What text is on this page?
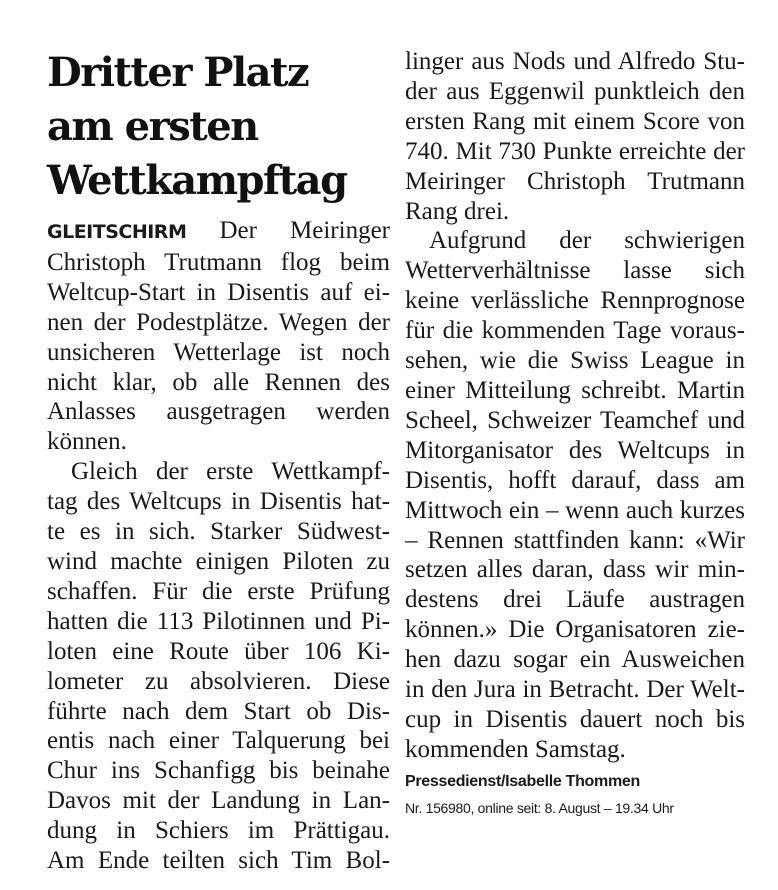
Dritter Platz
am ersten
Wettkampftag
GLEITSCHIRM Der Meiringer
Christoph Trutmann flog beim
Weltcup-Start in Disentis auf ei-
nen der Podestplätze. Wegen der
unsicheren Wetterlage ist noch
nicht klar, ob alle Rennen des
Anlasses ausgetragen werden
können.
Gleich der erste Wettkampf-
tag des Weltcups in Disentis hat-
te es in sich. Starker Südwest-
wind machte einigen Piloten zu
schaffen. Für die erste Prüfung
hatten die 113 Pilotinnen und Pi-
loten eine Route über 106 Ki-
lometer zu absolvieren. Diese
führte nach dem Start ob Dis-
entis nach einer Talquerung bei
Chur ins Schanfigg bis beinahe
Davos mit der Landung in Lan-
dung in Schiers im Prättigau.
Am Ende teilten sich Tim Bol-
linger aus Nods und Alfredo Stu-
der aus Eggenwil punktleich den
ersten Rang mit einem Score von
740. Mit 730 Punkte erreichte der
Meiringer Christoph Trutmann
Rang drei.
Aufgrund der schwierigen
Wetterverhältnisse lasse sich
keine verlässliche Rennprognose
für die kommenden Tage voraus-
sehen, wie die Swiss League in
einer Mitteilung schreibt. Martin
Scheel, Schweizer Teamchef und
Mitorganisator des Weltcups in
Disentis, hofft darauf, dass am
Mittwoch ein – wenn auch kurzes
– Rennen stattfinden kann: «Wir
setzen alles daran, dass wir min-
destens drei Läufe austragen
können.» Die Organisatoren zie-
hen dazu sogar ein Ausweichen
in den Jura in Betracht. Der Welt-
cup in Disentis dauert noch bis
kommenden Samstag.
Pressedienst/Isabelle Thommen
Nr. 156980, online seit: 8. August – 19.34 Uhr
